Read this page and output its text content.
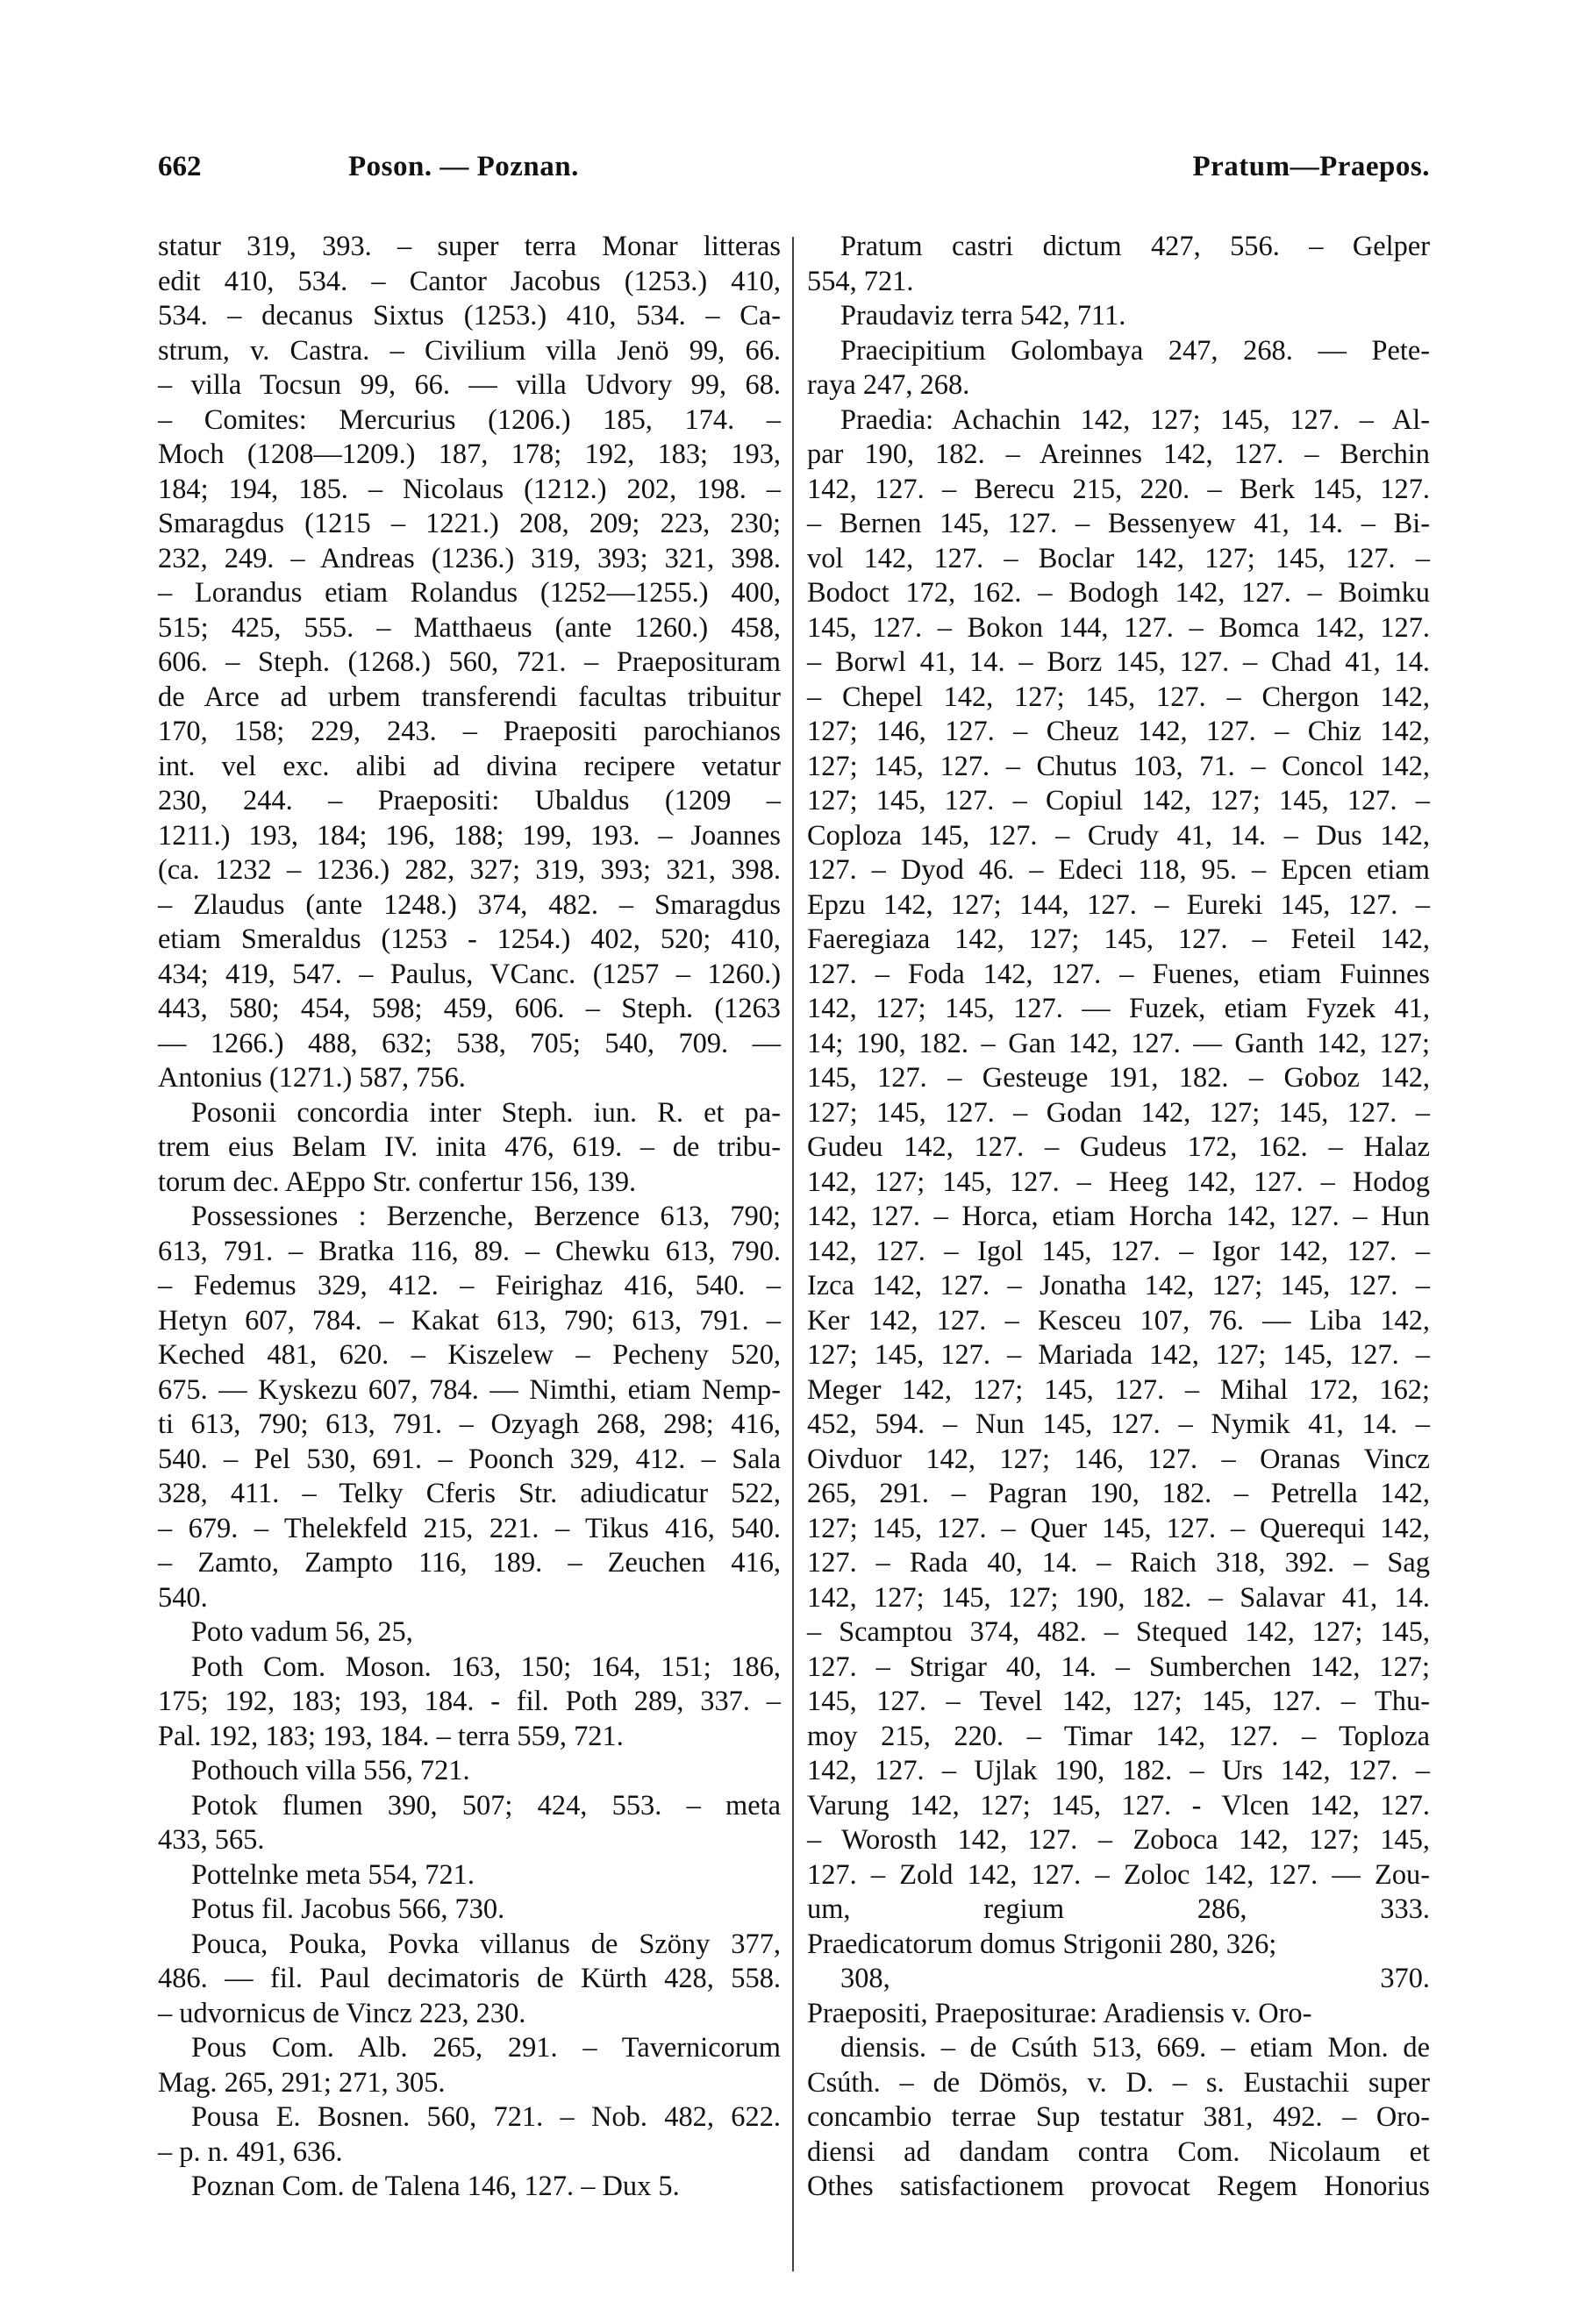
662	Poson. — Poznan.	Pratum—Praepos.
statur 319, 393. – super terra Monar litteras
edit 410, 534. – Cantor Jacobus (1253.) 410,
534. – decanus Sixtus (1253.) 410, 534. – Ca-
strum, v. Castra. – Civilium villa Jenö 99, 66.
– villa Tocsun 99, 66. — villa Udvory 99, 68.
– Comites: Mercurius (1206.) 185, 174. –
Moch (1208—1209.) 187, 178; 192, 183; 193,
184; 194, 185. – Nicolaus (1212.) 202, 198. –
Smaragdus (1215 – 1221.) 208, 209; 223, 230;
232, 249. – Andreas (1236.) 319, 393; 321, 398.
– Lorandus etiam Rolandus (1252—1255.) 400,
515; 425, 555. – Matthaeus (ante 1260.) 458,
606. – Steph. (1268.) 560, 721. – Praeposituram
de Arce ad urbem transferendi facultas tribuitur
170, 158; 229, 243. – Praepositi parochianos
int. vel exc. alibi ad divina recipere vetatur
230, 244. – Praepositi: Ubaldus (1209 –
1211.) 193, 184; 196, 188; 199, 193. – Joannes
(ca. 1232 – 1236.) 282, 327; 319, 393; 321, 398.
– Zlaudus (ante 1248.) 374, 482. – Smaragdus
etiam Smeraldus (1253 - 1254.) 402, 520; 410,
434; 419, 547. – Paulus, VCanc. (1257 – 1260.)
443, 580; 454, 598; 459, 606. – Steph. (1263
— 1266.) 488, 632; 538, 705; 540, 709. —
Antonius (1271.) 587, 756.
Posonii concordia inter Steph. iun. R. et pa-
trem eius Belam IV. inita 476, 619. – de tribu-
torum dec. AEppo Str. confertur 156, 139.
Possessiones : Berzenche, Berzence 613, 790;
613, 791. – Bratka 116, 89. – Chewku 613, 790.
– Fedemus 329, 412. – Feirighaz 416, 540. –
Hetyn 607, 784. – Kakat 613, 790; 613, 791. –
Keched 481, 620. – Kiszelew – Pecheny 520,
675. — Kyskezu 607, 784. — Nimthi, etiam Nemp-
ti 613, 790; 613, 791. – Ozyagh 268, 298; 416,
540. – Pel 530, 691. – Poonch 329, 412. – Sala
328, 411. – Telky Cferis Str. adiudicatur 522,
– 679. – Thelekfeld 215, 221. – Tikus 416, 540.
– Zamto, Zampto 116, 189. – Zeuchen 416,
540.
Poto vadum 56, 25,
Poth Com. Moson. 163, 150; 164, 151; 186,
175; 192, 183; 193, 184. - fil. Poth 289, 337. –
Pal. 192, 183; 193, 184. – terra 559, 721.
Pothouch villa 556, 721.
Potok flumen 390, 507; 424, 553. – meta
433, 565.
Pottelnke meta 554, 721.
Potus fil. Jacobus 566, 730.
Pouca, Pouka, Povka villanus de Szöny 377,
486. — fil. Paul decimatoris de Kürth 428, 558.
– udvornicus de Vincz 223, 230.
Pous Com. Alb. 265, 291. – Tavernicorum
Mag. 265, 291; 271, 305.
Pousa E. Bosnen. 560, 721. – Nob. 482, 622.
– p. n. 491, 636.
Poznan Com. de Talena 146, 127. – Dux 5.
Pratum castri dictum 427, 556. – Gelper
554, 721.
Praudaviz terra 542, 711.
Praecipitium Golombaya 247, 268. — Pete-
raya 247, 268.
Praedia: Achachin 142, 127; 145, 127. – Al-
par 190, 182. – Areinnes 142, 127. – Berchin
142, 127. – Berecu 215, 220. – Berk 145, 127.
– Bernen 145, 127. – Bessenyew 41, 14. – Bi-
vol 142, 127. – Boclar 142, 127; 145, 127. –
Bodoct 172, 162. – Bodogh 142, 127. – Boimku
145, 127. – Bokon 144, 127. – Bomca 142, 127.
– Borwl 41, 14. – Borz 145, 127. – Chad 41, 14.
– Chepel 142, 127; 145, 127. – Chergon 142,
127; 146, 127. – Cheuz 142, 127. – Chiz 142,
127; 145, 127. – Chutus 103, 71. – Concol 142,
127; 145, 127. – Copiul 142, 127; 145, 127. –
Coploza 145, 127. – Crudy 41, 14. – Dus 142,
127. – Dyod 46. – Edeci 118, 95. – Epcen etiam
Epzu 142, 127; 144, 127. – Eureki 145, 127. –
Faeregiaza 142, 127; 145, 127. – Feteil 142,
127. – Foda 142, 127. – Fuenes, etiam Fuinnes
142, 127; 145, 127. — Fuzek, etiam Fyzek 41,
14; 190, 182. – Gan 142, 127. — Ganth 142, 127;
145, 127. – Gesteuge 191, 182. – Goboz 142,
127; 145, 127. – Godan 142, 127; 145, 127. –
Gudeu 142, 127. – Gudeus 172, 162. – Halaz
142, 127; 145, 127. – Heeg 142, 127. – Hodog
142, 127. – Horca, etiam Horcha 142, 127. – Hun
142, 127. – Igol 145, 127. – Igor 142, 127. –
Izca 142, 127. – Jonatha 142, 127; 145, 127. –
Ker 142, 127. – Kesceu 107, 76. — Liba 142,
127; 145, 127. – Mariada 142, 127; 145, 127. –
Meger 142, 127; 145, 127. – Mihal 172, 162;
452, 594. – Nun 145, 127. – Nymik 41, 14. –
Oivduor 142, 127; 146, 127. – Oranas Vincz
265, 291. – Pagran 190, 182. – Petrella 142,
127; 145, 127. – Quer 145, 127. – Querequi 142,
127. – Rada 40, 14. – Raich 318, 392. – Sag
142, 127; 145, 127; 190, 182. – Salavar 41, 14.
– Scamptou 374, 482. – Stequed 142, 127; 145,
127. – Strigar 40, 14. – Sumberchen 142, 127;
145, 127. – Tevel 142, 127; 145, 127. – Thu-
moy 215, 220. – Timar 142, 127. – Toploza
142, 127. – Ujlak 190, 182. – Urs 142, 127. –
Varung 142, 127; 145, 127. - Vlcen 142, 127.
– Worosth 142, 127. – Zoboca 142, 127; 145,
127. – Zold 142, 127. – Zoloc 142, 127. — Zou-
um, regium 286, 333.
Praedicatorum domus Strigonii 280, 326;
308, 370.
Praepositi, Praepositurae: Aradiensis v. Oro-
diensis. – de Csúth 513, 669. – etiam Mon. de
Csúth. – de Dömös, v. D. – s. Eustachii super
concambio terrae Sup testatur 381, 492. – Oro-
diensi ad dandam contra Com. Nicolaum et
Othes satisfactionem provocat Regem Honorius
